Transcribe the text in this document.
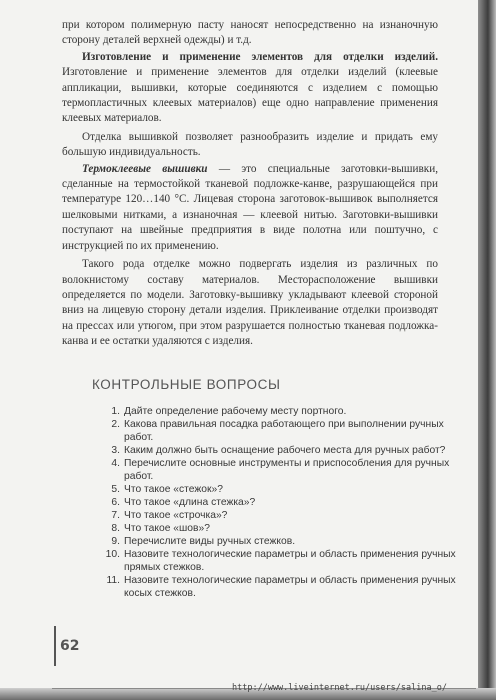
при котором полимерную пасту наносят непосредственно на изнаночную сторону деталей верхней одежды) и т.д.

Изготовление и применение элементов для отделки изделий. Изготовление и применение элементов для отделки изделий (клеевые аппликации, вышивки, которые соединяются с изделием с помощью термопластичных клеевых материалов) еще одно направление применения клеевых материалов.

Отделка вышивкой позволяет разнообразить изделие и придать ему большую индивидуальность.

Термоклеевые вышивки — это специальные заготовки-вышивки, сделанные на термостойкой тканевой подложке-канве, разрушающейся при температуре 120…140 °С. Лицевая сторона заготовок-вышивок выполняется шелковыми нитками, а изнаночная — клеевой нитью. Заготовки-вышивки поступают на швейные предприятия в виде полотна или поштучно, с инструкцией по их применению.

Такого рода отделке можно подвергать изделия из различных по волокнистому составу материалов. Месторасположение вышивки определяется по модели. Заготовку-вышивку укладывают клеевой стороной вниз на лицевую сторону детали изделия. Приклеивание отделки производят на прессах или утюгом, при этом разрушается полностью тканевая подложка-канва и ее остатки удаляются с изделия.

КОНТРОЛЬНЫЕ ВОПРОСЫ
1. Дайте определение рабочему месту портного.
2. Какова правильная посадка работающего при выполнении ручных работ.
3. Каким должно быть оснащение рабочего места для ручных работ?
4. Перечислите основные инструменты и приспособления для ручных работ.
5. Что такое «стежок»?
6. Что такое «длина стежка»?
7. Что такое «строчка»?
8. Что такое «шов»?
9. Перечислите виды ручных стежков.
10. Назовите технологические параметры и область применения ручных прямых стежков.
11. Назовите технологические параметры и область применения ручных косых стежков.
62
http://www.liveinternet.ru/users/salina_o/
